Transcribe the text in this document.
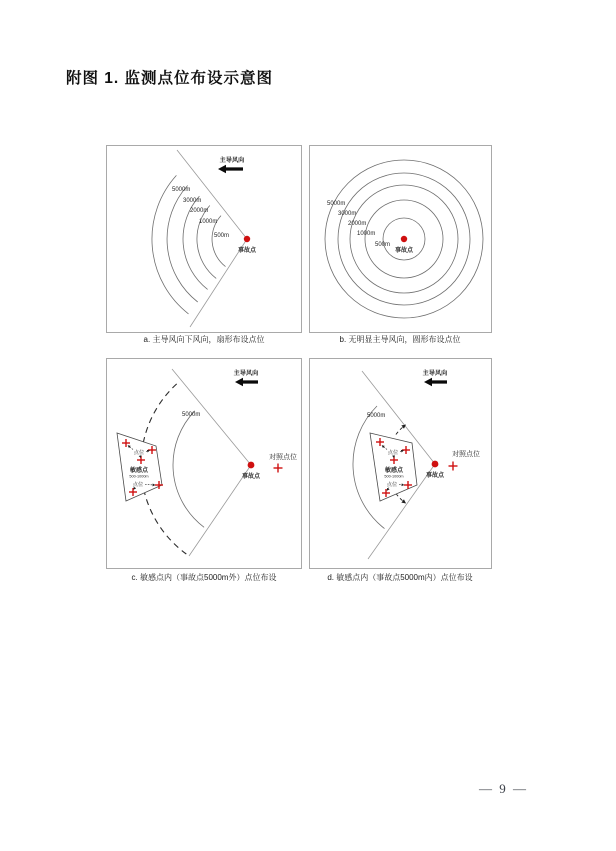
附图 1. 监测点位布设示意图
主导风向
5000m
3000m
2000m
1000m
500m
事故点
a. 主导风向下风向，扇形布设点位
5000m
3000m
2000m
1000m
500m
事故点
b. 无明显主导风向，圆形布设点位
主导风向
5000m
点位
敏感点
500-1000m
点位
对照点位
事故点
c. 敏感点内（事故点5000m外）点位布设
主导风向
5000m
点位
敏感点
500-1000m
点位
对照点位
事故点
d. 敏感点内（事故点5000m内）点位布设
— 9 —
